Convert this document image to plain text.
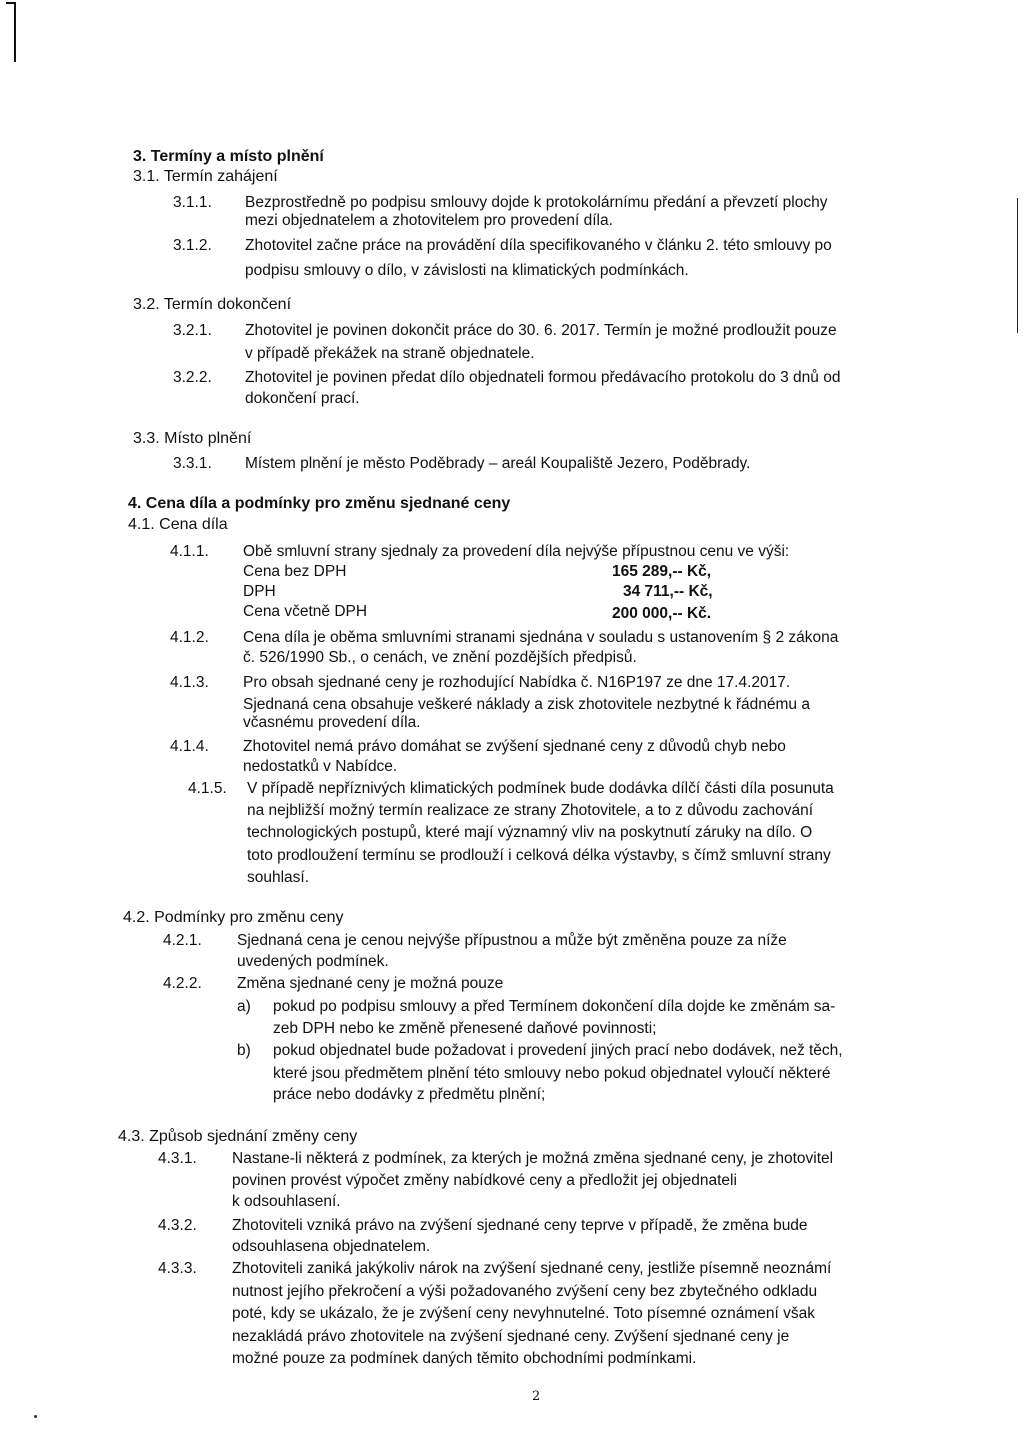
3. Termíny a místo plnění
3.1. Termín zahájení
3.1.1.	Bezprostředně po podpisu smlouvy dojde k protokolárnímu předání a převzetí plochy
mezi objednatelem a zhotovitelem pro provedení díla.
3.1.2.	Zhotovitel začne práce na provádění díla specifikovaného v článku 2. této smlouvy po
podpisu smlouvy o dílo, v závislosti na klimatických podmínkách.
3.2. Termín dokončení
3.2.1.	Zhotovitel je povinen dokončit práce do 30. 6. 2017. Termín je možné prodloužit pouze
v případě překážek na straně objednatele.
3.2.2.	Zhotovitel je povinen předat dílo objednateli formou předávacího protokolu do 3 dnů od
dokončení prací.
3.3. Místo plnění
3.3.1.	Místem plnění je město Poděbrady – areál Koupaliště Jezero, Poděbrady.
4. Cena díla a podmínky pro změnu sjednané ceny
4.1. Cena díla
4.1.1.	Obě smluvní strany sjednaly za provedení díla nejvýše přípustnou cenu ve výši:
Cena bez DPH	165 289,-- Kč,
DPH	34 711,-- Kč,
Cena včetně DPH	200 000,-- Kč.
4.1.2.	Cena díla je oběma smluvními stranami sjednána v souladu s ustanovením § 2 zákona
č. 526/1990 Sb., o cenách, ve znění pozdějších předpisů.
4.1.3.	Pro obsah sjednané ceny je rozhodující Nabídka č. N16P197 ze dne 17.4.2017.
Sjednaná cena obsahuje veškeré náklady a zisk zhotovitele nezbytné k řádnému a
včasnému provedení díla.
4.1.4.	Zhotovitel nemá právo domáhat se zvýšení sjednané ceny z důvodů chyb nebo
nedostatků v Nabídce.
4.1.5.	V případě nepříznivých klimatických podmínek bude dodávka dílčí části díla posunuta
na nejbližší možný termín realizace ze strany Zhotovitele, a to z důvodu zachování
technologických postupů, které mají významný vliv na poskytnutí záruky na dílo. O
toto prodloužení termínu se prodlouží i celková délka výstavby, s čímž smluvní strany
souhlasí.
4.2. Podmínky pro změnu ceny
4.2.1.	Sjednaná cena je cenou nejvýše přípustnou a může být změněna pouze za níže
uvedených podmínek.
4.2.2.	Změna sjednané ceny je možná pouze
a) pokud po podpisu smlouvy a před Termínem dokončení díla dojde ke změnám sa-
zeb DPH nebo ke změně přenesené daňové povinnosti;
b) pokud objednatel bude požadovat i provedení jiných prací nebo dodávek, než těch,
které jsou předmětem plnění této smlouvy nebo pokud objednatel vyloučí některé
práce nebo dodávky z předmětu plnění;
4.3. Způsob sjednání změny ceny
4.3.1.	Nastane-li některá z podmínek, za kterých je možná změna sjednané ceny, je zhotovitel
povinen provést výpočet změny nabídkové ceny a předložit jej objednateli
k odsouhlasení.
4.3.2.	Zhotoviteli vzniká právo na zvýšení sjednané ceny teprve v případě, že změna bude
odsouhlasena objednatelem.
4.3.3.	Zhotoviteli zaniká jakýkoliv nárok na zvýšení sjednané ceny, jestliže písemně neoznámí
nutnost jejího překročení a výši požadovaného zvýšení ceny bez zbytečného odkladu
poté, kdy se ukázalo, že je zvýšení ceny nevyhnutelné. Toto písemné oznámení však
nezakládá právo zhotovitele na zvýšení sjednané ceny. Zvýšení sjednané ceny je
možné pouze za podmínek daných těmito obchodními podmínkami.
2
